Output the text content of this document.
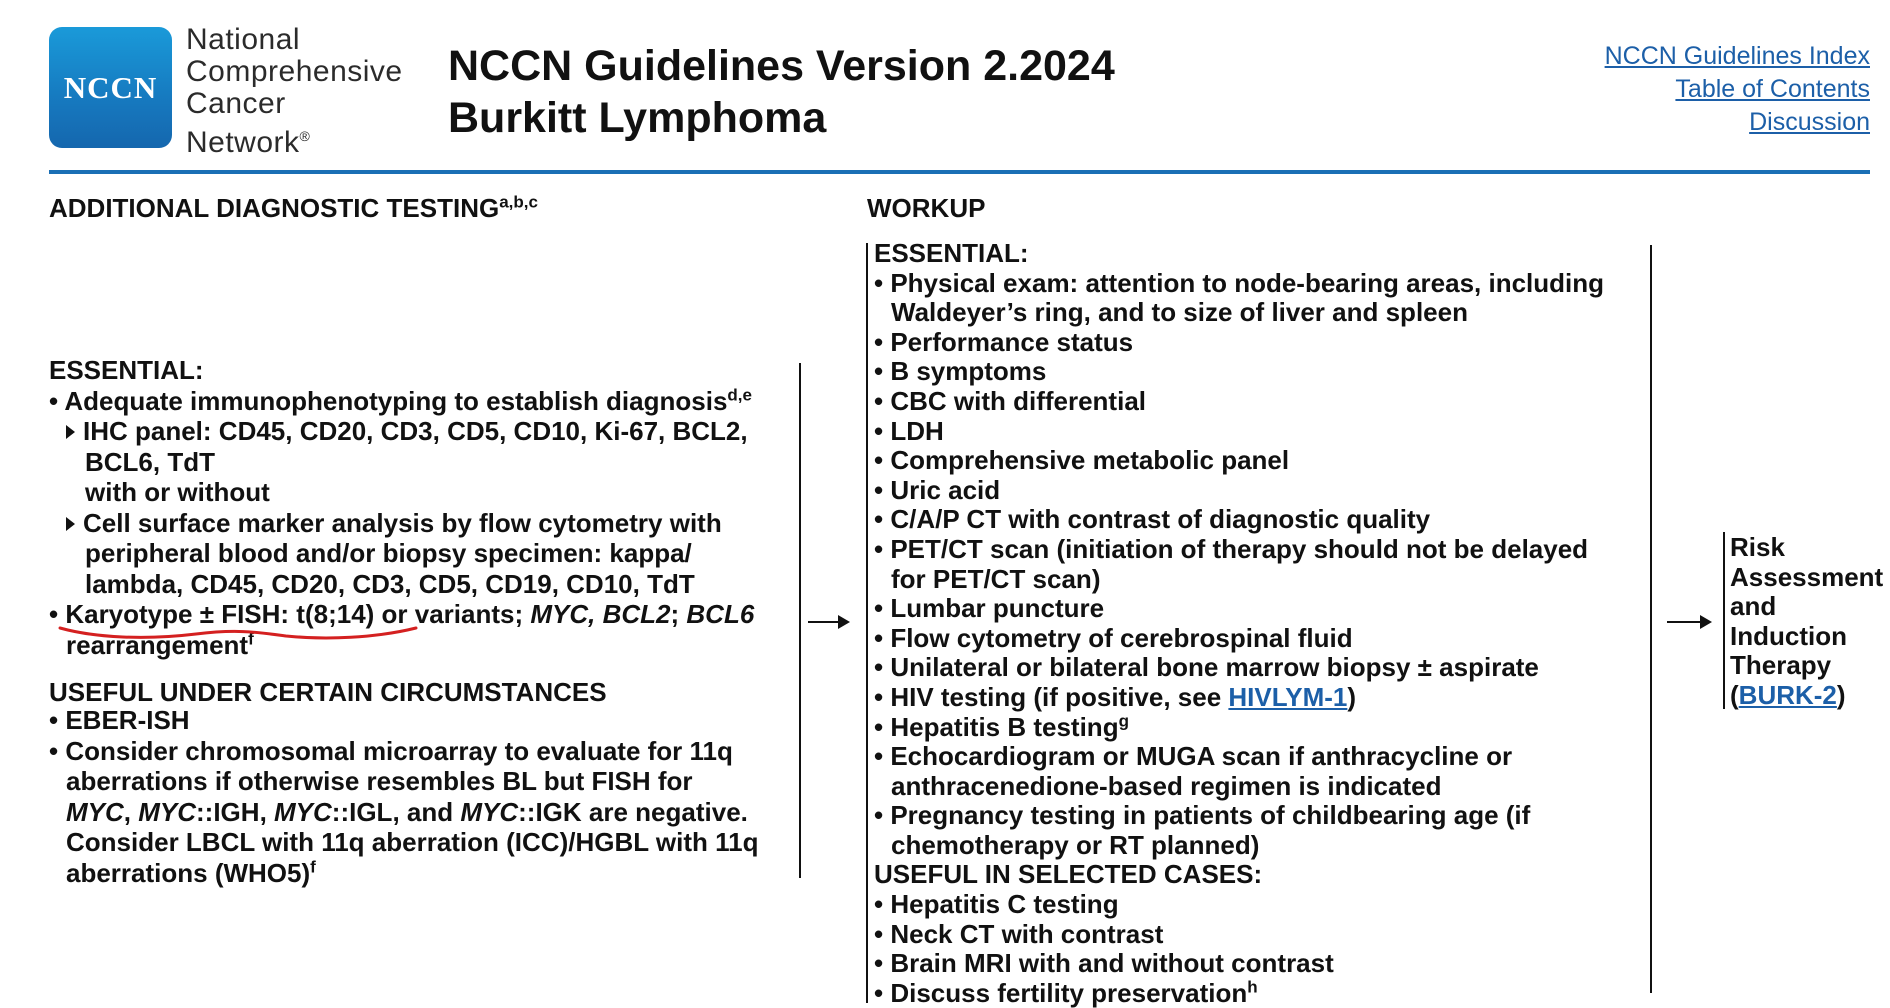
NCCN
National
Comprehensive
Cancer
Network®
NCCN Guidelines Version 2.2024
Burkitt Lymphoma
NCCN Guidelines Index
Table of Contents
Discussion
ADDITIONAL DIAGNOSTIC TESTING$^{a,b,c}$
ESSENTIAL:
• Adequate immunophenotyping to establish diagnosis$^{d,e}$
IHC panel: CD45, CD20, CD3, CD5, CD10, Ki-67, BCL2,
BCL6, TdT
with or without
Cell surface marker analysis by flow cytometry with
peripheral blood and/or biopsy specimen: kappa/
lambda, CD45, CD20, CD3, CD5, CD19, CD10, TdT
• Karyotype ± FISH: t(8;14) or variants; MYC, BCL2; BCL6
rearrangement$^f$
USEFUL UNDER CERTAIN CIRCUMSTANCES
• EBER-ISH
• Consider chromosomal microarray to evaluate for 11q
aberrations if otherwise resembles BL but FISH for
MYC, MYC::IGH, MYC::IGL, and MYC::IGK are negative.
Consider LBCL with 11q aberration (ICC)/HGBL with 11q
aberrations $(WHO5)^f$
WORKUP
ESSENTIAL:
• Physical exam: attention to node-bearing areas, including
Waldeyer’s ring, and to size of liver and spleen
• Performance status
• B symptoms
• CBC with differential
• LDH
• Comprehensive metabolic panel
• Uric acid
• C/A/P CT with contrast of diagnostic quality
• PET/CT scan (initiation of therapy should not be delayed
for PET/CT scan)
• Lumbar puncture
• Flow cytometry of cerebrospinal fluid
• Unilateral or bilateral bone marrow biopsy ± aspirate
• HIV testing (if positive, see HIVLYM-1)
• Hepatitis B testing$^g$
• Echocardiogram or MUGA scan if anthracycline or
anthracenedione-based regimen is indicated
• Pregnancy testing in patients of childbearing age (if
chemotherapy or RT planned)
USEFUL IN SELECTED CASES:
• Hepatitis C testing
• Neck CT with contrast
• Brain MRI with and without contrast
• Discuss fertility preservation$^h$
Risk
Assessment
and
Induction
Therapy
(BURK-2)
